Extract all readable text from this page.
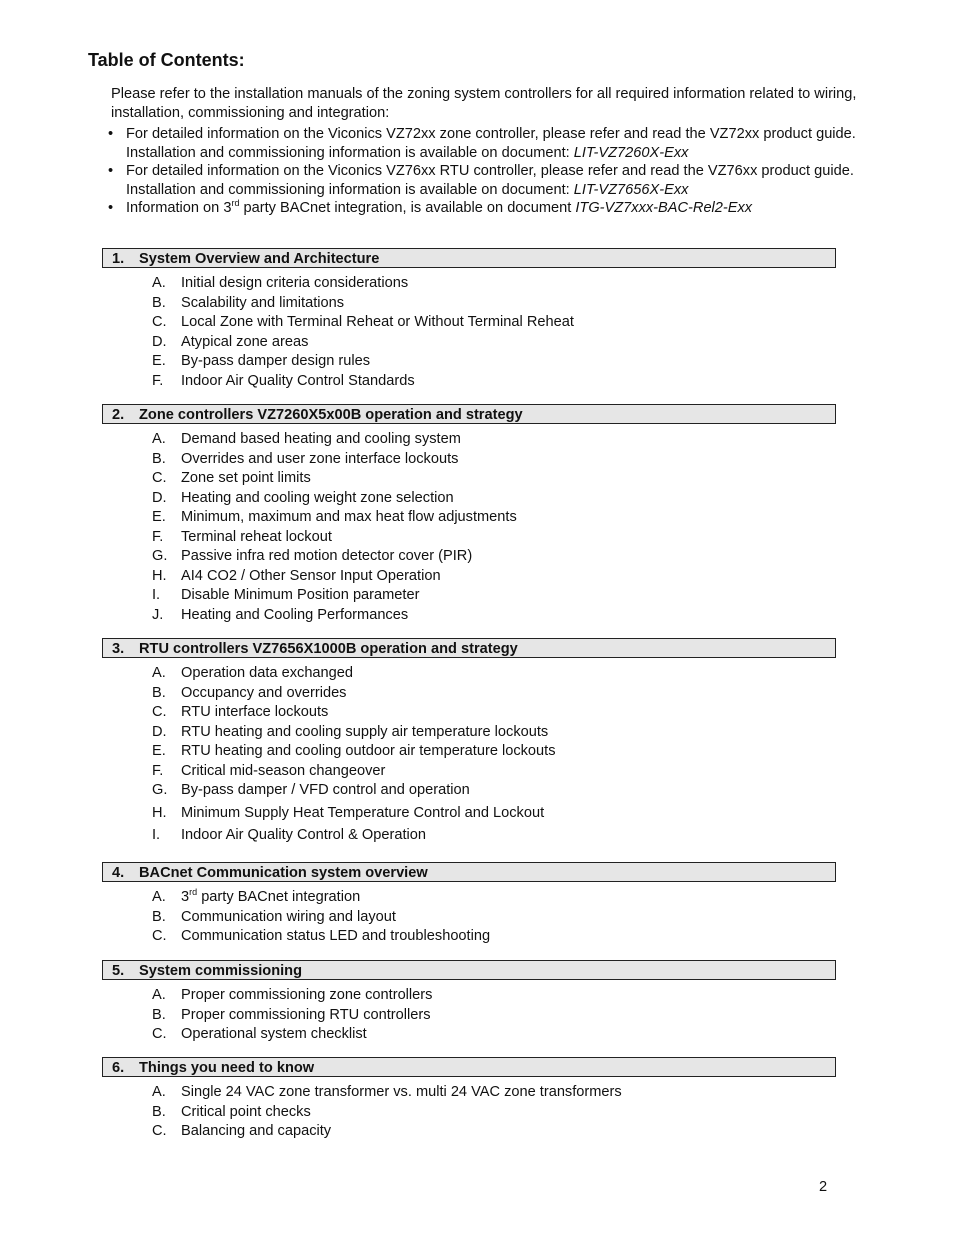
Table of Contents:
Please refer to the installation manuals of the zoning system controllers for all required information related to wiring, installation, commissioning and integration:
• For detailed information on the Viconics VZ72xx zone controller, please refer and read the VZ72xx product guide. Installation and commissioning information is available on document: LIT-VZ7260X-Exx
• For detailed information on the Viconics VZ76xx RTU controller, please refer and read the VZ76xx product guide. Installation and commissioning information is available on document: LIT-VZ7656X-Exx
• Information on 3rd party BACnet integration, is available on document ITG-VZ7xxx-BAC-Rel2-Exx
1. System Overview and Architecture
A. Initial design criteria considerations
B. Scalability and limitations
C. Local Zone with Terminal Reheat or Without Terminal Reheat
D. Atypical zone areas
E. By-pass damper design rules
F. Indoor Air Quality Control Standards
2. Zone controllers VZ7260X5x00B operation and strategy
A. Demand based heating and cooling system
B. Overrides and user zone interface lockouts
C. Zone set point limits
D. Heating and cooling weight zone selection
E. Minimum, maximum and max heat flow adjustments
F. Terminal reheat lockout
G. Passive infra red motion detector cover (PIR)
H. AI4 CO2 / Other Sensor Input Operation
I. Disable Minimum Position parameter
J. Heating and Cooling Performances
3. RTU controllers VZ7656X1000B operation and strategy
A. Operation data exchanged
B. Occupancy and overrides
C. RTU interface lockouts
D. RTU heating and cooling supply air temperature lockouts
E. RTU heating and cooling outdoor air temperature lockouts
F. Critical mid-season changeover
G. By-pass damper / VFD control and operation
H. Minimum Supply Heat Temperature Control and Lockout
I. Indoor Air Quality Control & Operation
4. BACnet Communication system overview
A. 3rd party BACnet integration
B. Communication wiring and layout
C. Communication status LED and troubleshooting
5. System commissioning
A. Proper commissioning zone controllers
B. Proper commissioning RTU controllers
C. Operational system checklist
6. Things you need to know
A. Single 24 VAC zone transformer vs. multi 24 VAC zone transformers
B. Critical point checks
C. Balancing and capacity
2
